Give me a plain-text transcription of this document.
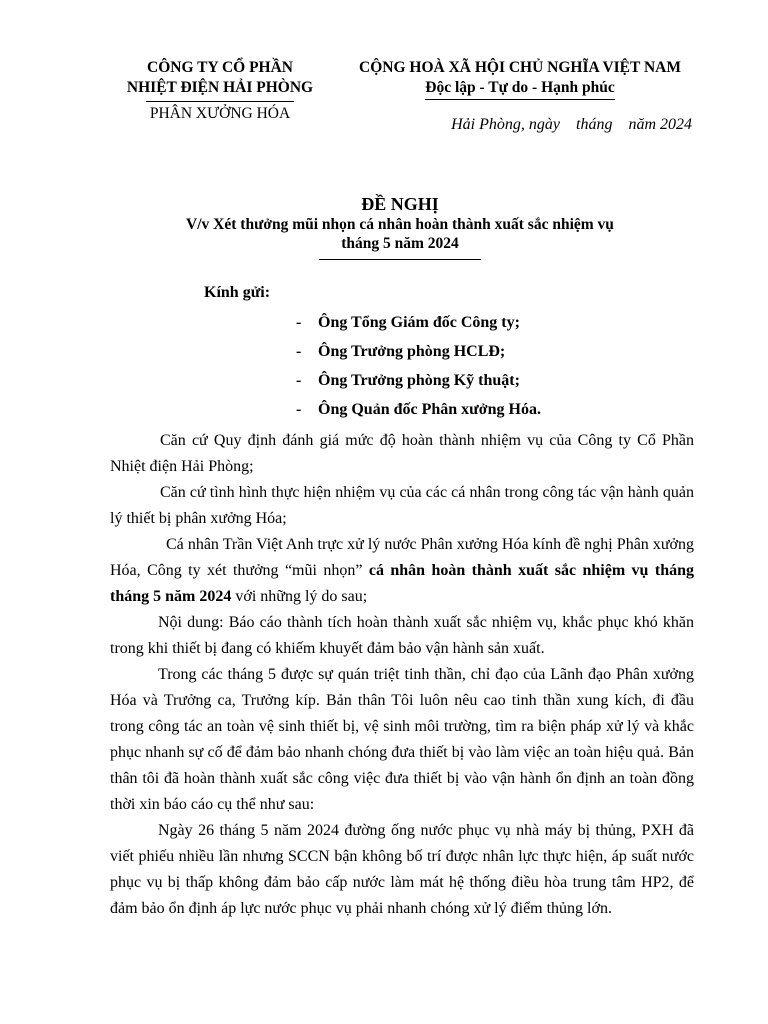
CÔNG TY CỔ PHẦN
NHIỆT ĐIỆN HẢI PHÒNG
PHÂN XƯỞNG HÓA
CỘNG HOÀ XÃ HỘI CHỦ NGHĨA VIỆT NAM
Độc lập - Tự do - Hạnh phúc
Hải Phòng, ngày    tháng    năm 2024
ĐỀ NGHỊ
V/v Xét thưởng mũi nhọn cá nhân hoàn thành xuất sắc nhiệm vụ
tháng 5 năm 2024
Kính gửi:
- Ông Tổng Giám đốc Công ty;
- Ông Trưởng phòng HCLĐ;
- Ông Trưởng phòng Kỹ thuật;
- Ông Quản đốc Phân xưởng Hóa.

Căn cứ Quy định đánh giá mức độ hoàn thành nhiệm vụ của Công ty Cổ Phần Nhiệt điện Hải Phòng;

Căn cứ tình hình thực hiện nhiệm vụ của các cá nhân trong công tác vận hành quản lý thiết bị phân xưởng Hóa;

Cá nhân Trần Việt Anh trực xử lý nước Phân xưởng Hóa kính đề nghị Phân xưởng Hóa, Công ty xét thưởng “mũi nhọn” cá nhân hoàn thành xuất sắc nhiệm vụ tháng tháng 5 năm 2024 với những lý do sau;

Nội dung: Báo cáo thành tích hoàn thành xuất sắc nhiệm vụ, khắc phục khó khăn trong khi thiết bị đang có khiếm khuyết đảm bảo vận hành sản xuất.

Trong các tháng 5 được sự quán triệt tinh thần, chỉ đạo của Lãnh đạo Phân xưởng Hóa và Trưởng ca, Trưởng kíp. Bản thân Tôi luôn nêu cao tinh thần xung kích, đi đầu trong công tác an toàn vệ sinh thiết bị, vệ sinh môi trường, tìm ra biện pháp xử lý và khắc phục nhanh sự cố để đảm bảo nhanh chóng đưa thiết bị vào làm việc an toàn hiệu quả. Bản thân tôi đã hoàn thành xuất sắc công việc đưa thiết bị vào vận hành ổn định an toàn đồng thời xin báo cáo cụ thể như sau:

Ngày 26 tháng 5 năm 2024 đường ống nước phục vụ nhà máy bị thủng, PXH đã viết phiếu nhiều lần nhưng SCCN bận không bố trí được nhân lực thực hiện, áp suất nước phục vụ bị thấp không đảm bảo cấp nước làm mát hệ thống điều hòa trung tâm HP2, để đảm bảo ổn định áp lực nước phục vụ phải nhanh chóng xử lý điểm thủng lớn.
